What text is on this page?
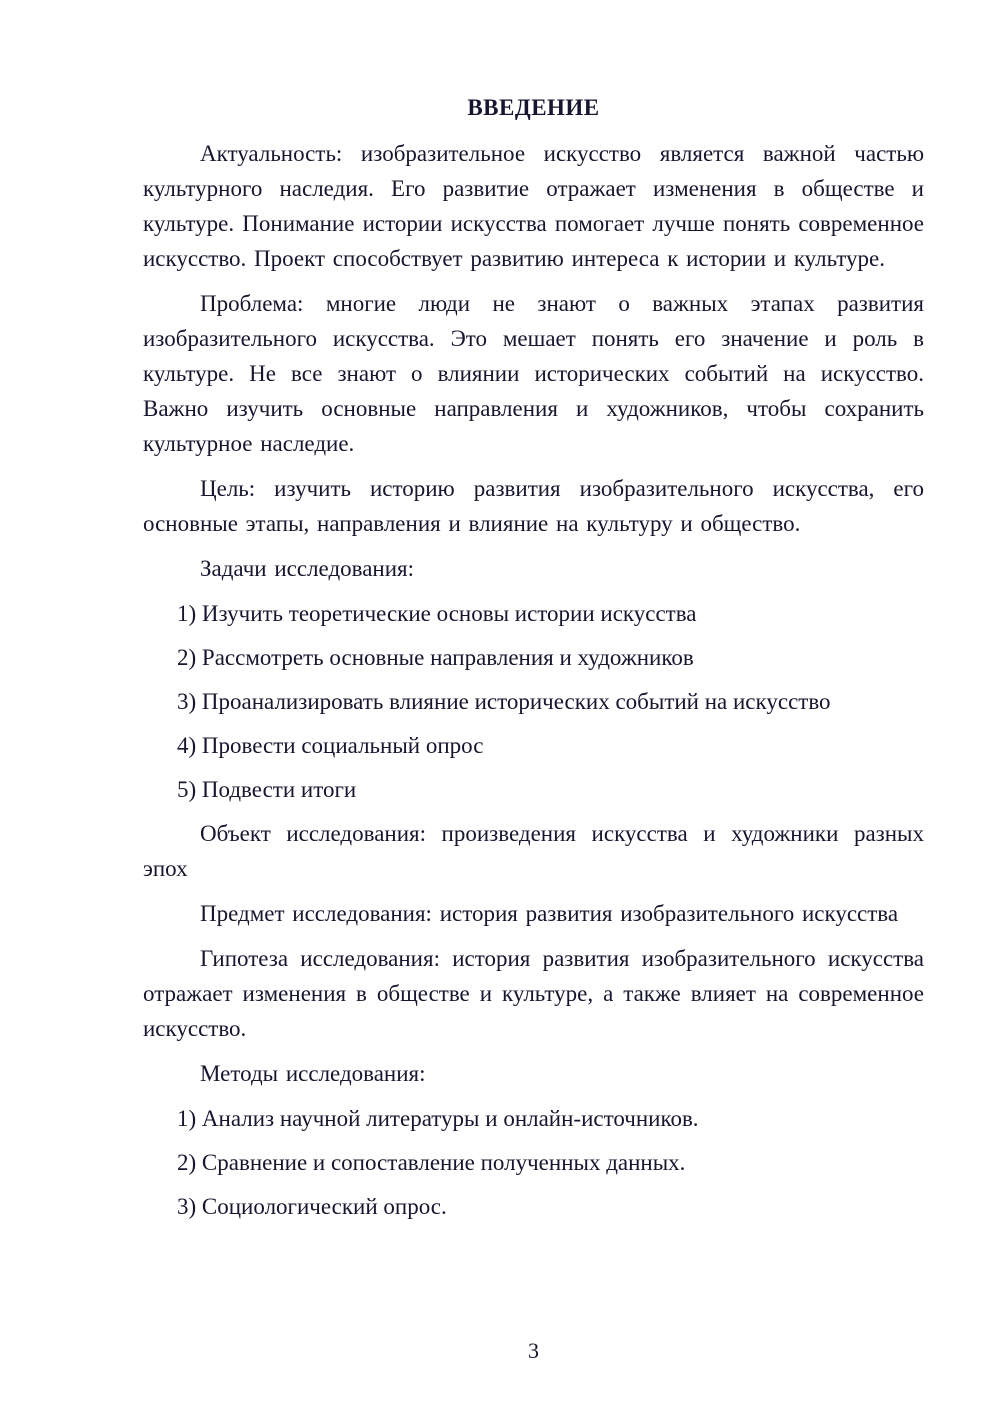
ВВЕДЕНИЕ

Актуальность: изобразительное искусство является важной частью культурного наследия. Его развитие отражает изменения в обществе и культуре. Понимание истории искусства помогает лучше понять современное искусство. Проект способствует развитию интереса к истории и культуре.

Проблема: многие люди не знают о важных этапах развития изобразительного искусства. Это мешает понять его значение и роль в культуре. Не все знают о влиянии исторических событий на искусство. Важно изучить основные направления и художников, чтобы сохранить культурное наследие.

Цель: изучить историю развития изобразительного искусства, его основные этапы, направления и влияние на культуру и общество.

Задачи исследования:

1) Изучить теоретические основы истории искусства

2) Рассмотреть основные направления и художников

3) Проанализировать влияние исторических событий на искусство

4) Провести социальный опрос

5) Подвести итоги

Объект исследования: произведения искусства и художники разных эпох

Предмет исследования: история развития изобразительного искусства

Гипотеза исследования: история развития изобразительного искусства отражает изменения в обществе и культуре, а также влияет на современное искусство.

Методы исследования:

1) Анализ научной литературы и онлайн-источников.

2) Сравнение и сопоставление полученных данных.

3) Социологический опрос.

3
